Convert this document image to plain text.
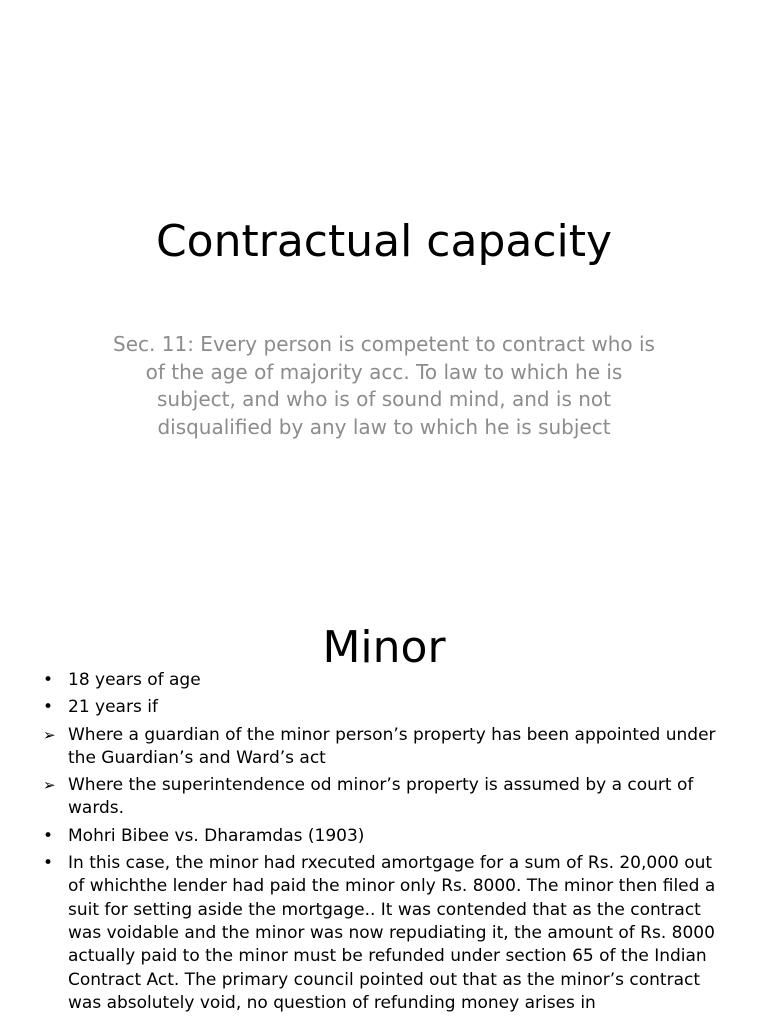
Contractual capacity

Sec. 11: Every person is competent to contract who is of the age of majority acc. To law to which he is subject, and who is of sound mind, and is not disqualified by any law to which he is subject

Minor
• 18 years of age
• 21 years if
➢ Where a guardian of the minor person’s property has been appointed under the Guardian’s and Ward’s act
➢ Where the superintendence od minor’s property is assumed by a court of wards.
• Mohri Bibee vs. Dharamdas (1903)
• In this case, the minor had rxecuted amortgage for a sum of Rs. 20,000 out of whichthe lender had paid the minor only Rs. 8000. The minor then filed a suit for setting aside the mortgage.. It was contended that as the contract was voidable and the minor was now repudiating it, the amount of Rs. 8000 actually paid to the minor must be refunded under section 65 of the Indian Contract Act. The primary council pointed out that as the minor’s contract was absolutely void, no question of refunding money arises in
